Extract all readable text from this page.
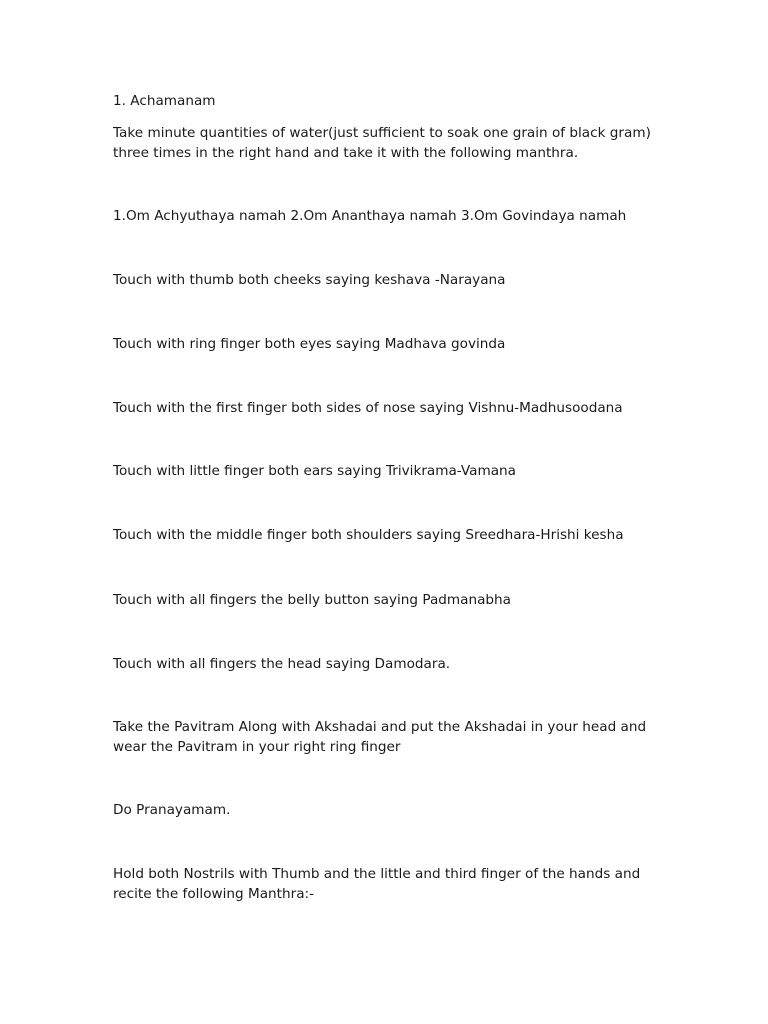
1. Achamanam

Take minute quantities of water(just sufficient to soak one grain of black gram) three times in the right hand and take it with the following manthra.

1.Om Achyuthaya namah 2.Om Ananthaya namah 3.Om Govindaya namah

Touch with thumb both cheeks saying keshava -Narayana

Touch with ring finger both eyes saying Madhava govinda

Touch with the first finger both sides of nose saying Vishnu-Madhusoodana

Touch with little finger both ears saying Trivikrama-Vamana

Touch with the middle finger both shoulders saying Sreedhara-Hrishi kesha

Touch with all fingers the belly button saying Padmanabha

Touch with all fingers the head saying Damodara.

Take the Pavitram Along with Akshadai and put the Akshadai in your head and wear the Pavitram in your right ring finger

Do Pranayamam.

Hold both Nostrils with Thumb and the little and third finger of the hands and recite the following Manthra:-
